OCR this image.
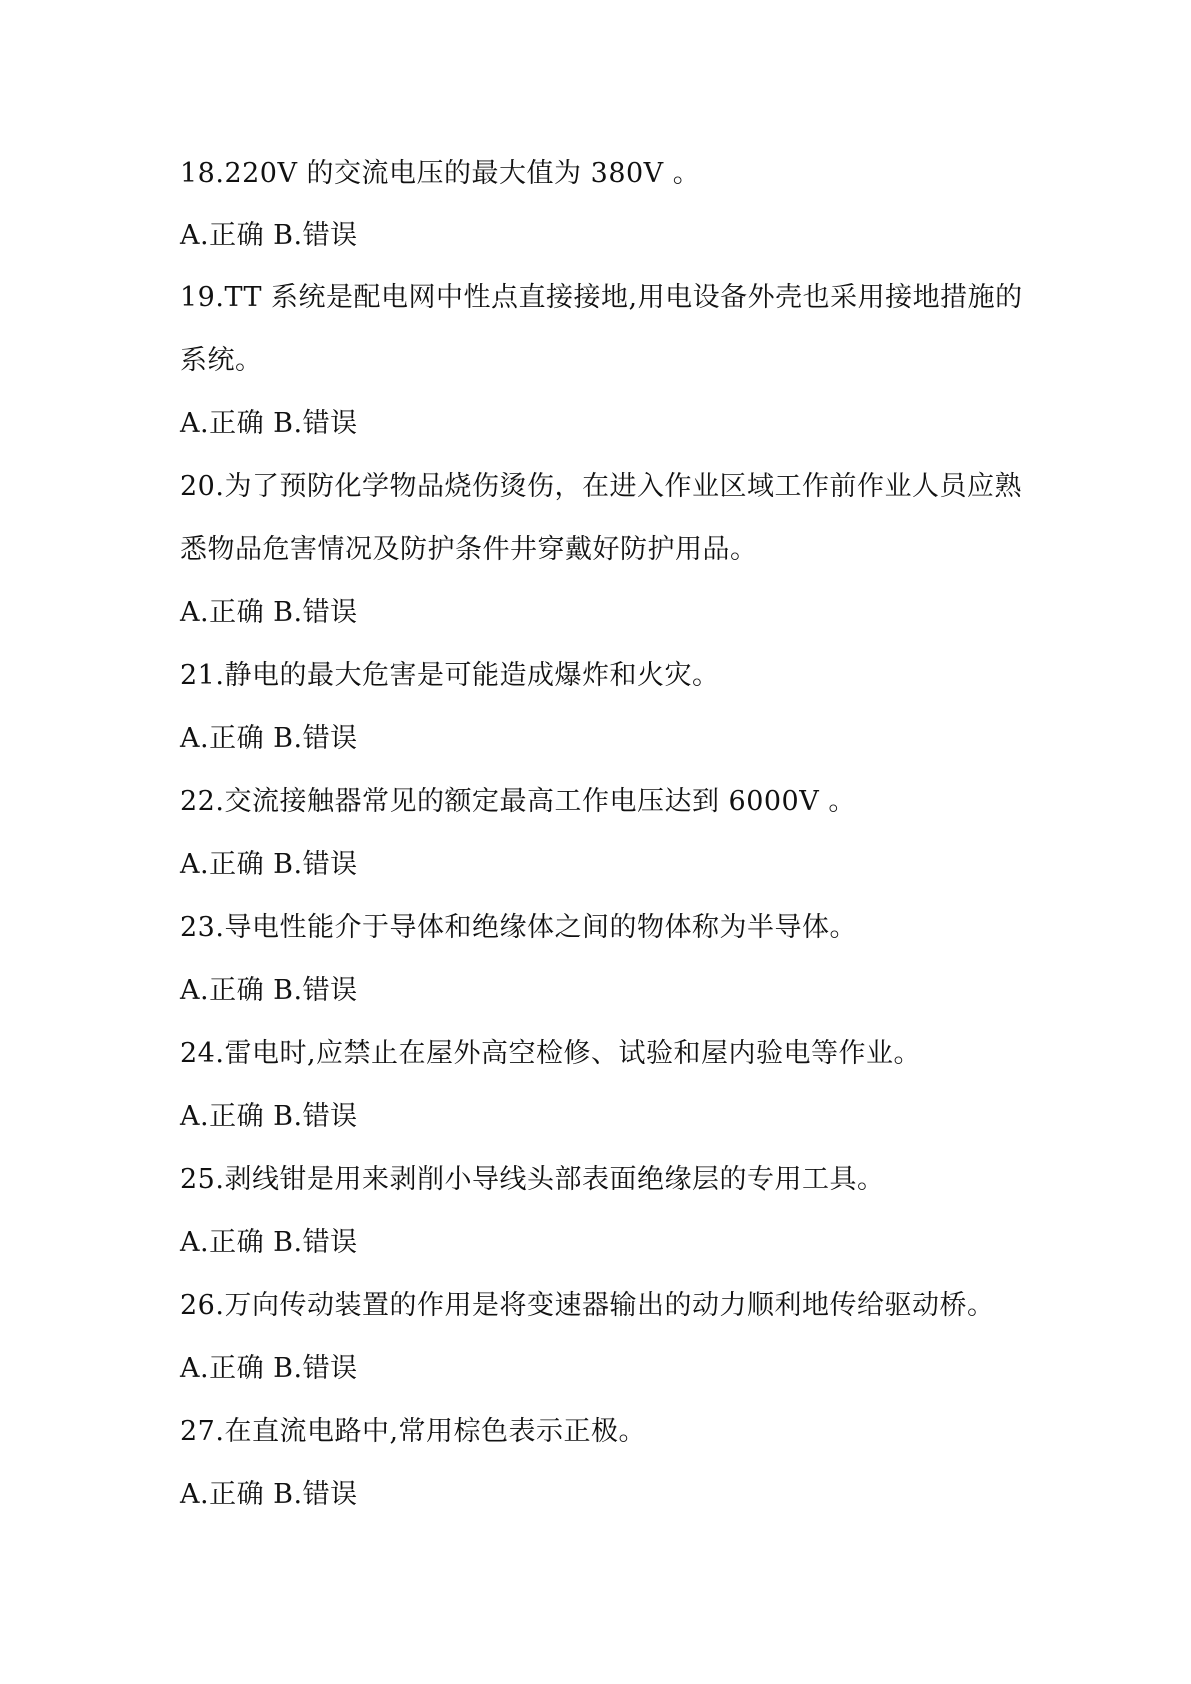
18.220V 的交流电压的最大值为 380V 。
A.正确 B.错误
19.TT 系统是配电网中性点直接接地,用电设备外壳也采用接地措施的
系统。
A.正确 B.错误
20.为了预防化学物品烧伤烫伤，在进入作业区域工作前作业人员应熟
悉物品危害情况及防护条件井穿戴好防护用品。
A.正确 B.错误
21.静电的最大危害是可能造成爆炸和火灾。
A.正确 B.错误
22.交流接触器常见的额定最高工作电压达到 6000V 。
A.正确 B.错误
23.导电性能介于导体和绝缘体之间的物体称为半导体。
A.正确 B.错误
24.雷电时,应禁止在屋外高空检修、试验和屋内验电等作业。
A.正确 B.错误
25.剥线钳是用来剥削小导线头部表面绝缘层的专用工具。
A.正确 B.错误
26.万向传动装置的作用是将变速器输出的动力顺利地传给驱动桥。
A.正确 B.错误
27.在直流电路中,常用棕色表示正极。
A.正确 B.错误
